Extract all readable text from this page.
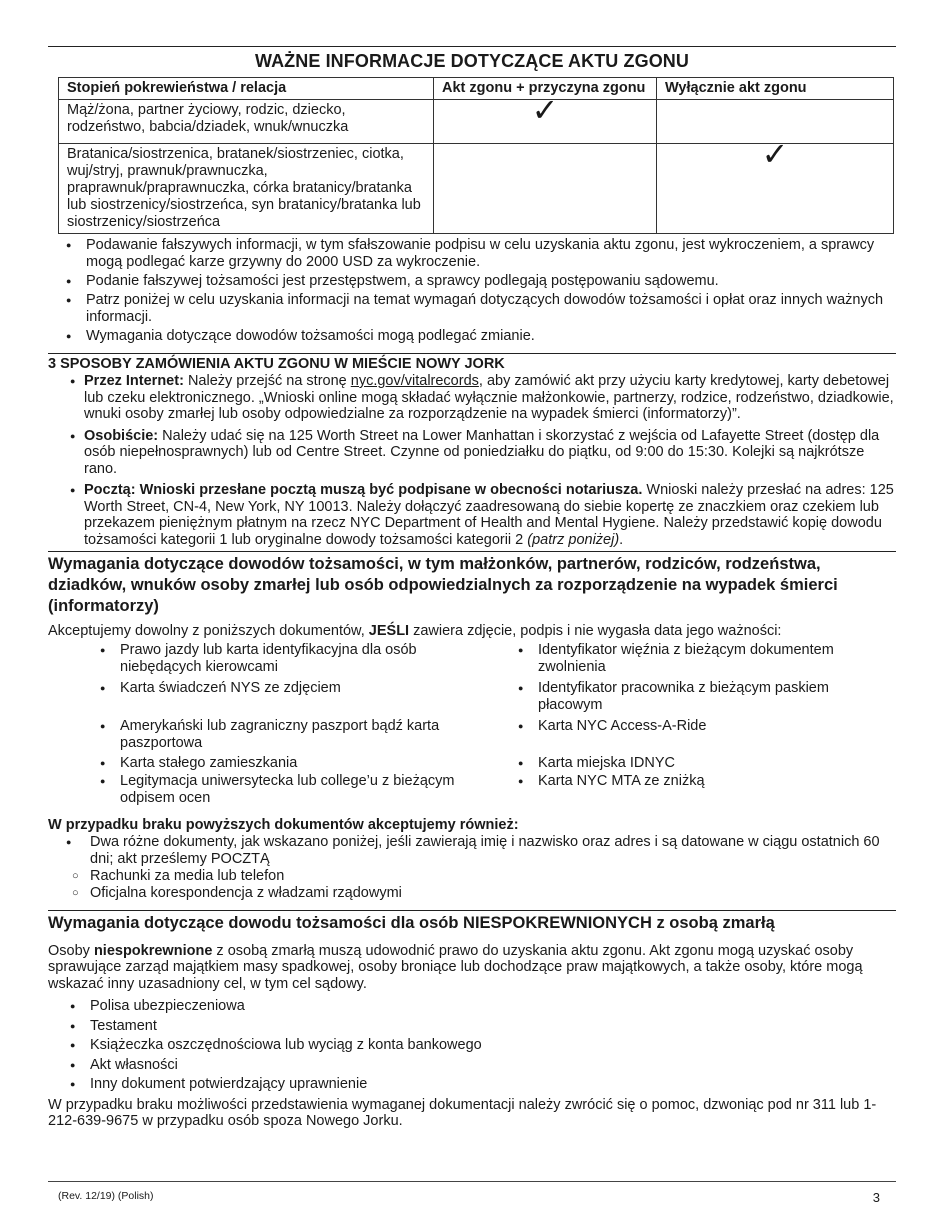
WAŻNE INFORMACJE DOTYCZĄCE AKTU ZGONU
Stopień pokrewieństwa / relacja	Akt zgonu + przyczyna zgonu	Wyłącznie akt zgonu
Mąż/żona, partner życiowy, rodzic, dziecko, rodzeństwo, babcia/dziadek, wnuk/wnuczka	✓	
Bratanica/siostrzenica, bratanek/siostrzeniec, ciotka, wuj/stryj, prawnuk/prawnuczka, praprawnuk/praprawnuczka, córka bratanicy/bratanka lub siostrzenicy/siostrzeńca, syn bratanicy/bratanka lub siostrzenicy/siostrzeńca		✓
● Podawanie fałszywych informacji, w tym sfałszowanie podpisu w celu uzyskania aktu zgonu, jest wykroczeniem, a sprawcy mogą podlegać karze grzywny do 2000 USD za wykroczenie.
● Podanie fałszywej tożsamości jest przestępstwem, a sprawcy podlegają postępowaniu sądowemu.
● Patrz poniżej w celu uzyskania informacji na temat wymagań dotyczących dowodów tożsamości i opłat oraz innych ważnych informacji.
● Wymagania dotyczące dowodów tożsamości mogą podlegać zmianie.

3 SPOSOBY ZAMÓWIENIA AKTU ZGONU W MIEŚCIE NOWY JORK

● Przez Internet: Należy przejść na stronę nyc.gov/vitalrecords, aby zamówić akt przy użyciu karty kredytowej, karty debetowej lub czeku elektronicznego. „Wnioski online mogą składać wyłącznie małżonkowie, partnerzy, rodzice, rodzeństwo, dziadkowie, wnuki osoby zmarłej lub osoby odpowiedzialne za rozporządzenie na wypadek śmierci (informatorzy)”.
● Osobiście: Należy udać się na 125 Worth Street na Lower Manhattan i skorzystać z wejścia od Lafayette Street (dostęp dla osób niepełnosprawnych) lub od Centre Street. Czynne od poniedziałku do piątku, od 9:00 do 15:30. Kolejki są najkrótsze rano.
● Pocztą: Wnioski przesłane pocztą muszą być podpisane w obecności notariusza. Wnioski należy przesłać na adres: 125 Worth Street, CN-4, New York, NY 10013. Należy dołączyć zaadresowaną do siebie kopertę ze znaczkiem oraz czekiem lub przekazem pieniężnym płatnym na rzecz NYC Department of Health and Mental Hygiene. Należy przedstawić kopię dowodu tożsamości kategorii 1 lub oryginalne dowody tożsamości kategorii 2 (patrz poniżej).

Wymagania dotyczące dowodów tożsamości, w tym małżonków, partnerów, rodziców, rodzeństwa, dziadków, wnuków osoby zmarłej lub osób odpowiedzialnych za rozporządzenie na wypadek śmierci (informatorzy)

Akceptujemy dowolny z poniższych dokumentów, JEŚLI zawiera zdjęcie, podpis i nie wygasła data jego ważności:

● Prawo jazdy lub karta identyfikacyjna dla osób niebędących kierowcami
● Karta świadczeń NYS ze zdjęciem
● Amerykański lub zagraniczny paszport bądź karta paszportowa
● Karta stałego zamieszkania
● Legitymacja uniwersytecka lub college’u z bieżącym odpisem ocen
● Identyfikator więźnia z bieżącym dokumentem zwolnienia
● Identyfikator pracownika z bieżącym paskiem płacowym
● Karta NYC Access-A-Ride
● Karta miejska IDNYC
● Karta NYC MTA ze zniżką

W przypadku braku powyższych dokumentów akceptujemy również:

● Dwa różne dokumenty, jak wskazano poniżej, jeśli zawierają imię i nazwisko oraz adres i są datowane w ciągu ostatnich 60 dni; akt prześlemy POCZTĄ
○ Rachunki za media lub telefon
○ Oficjalna korespondencja z władzami rządowymi

Wymagania dotyczące dowodu tożsamości dla osób NIESPOKREWNIONYCH z osobą zmarłą

Osoby niespokrewnione z osobą zmarłą muszą udowodnić prawo do uzyskania aktu zgonu. Akt zgonu mogą uzyskać osoby sprawujące zarząd majątkiem masy spadkowej, osoby broniące lub dochodzące praw majątkowych, a także osoby, które mogą wskazać inny uzasadniony cel, w tym cel sądowy.

● Polisa ubezpieczeniowa
● Testament
● Książeczka oszczędnościowa lub wyciąg z konta bankowego
● Akt własności
● Inny dokument potwierdzający uprawnienie

W przypadku braku możliwości przedstawienia wymaganej dokumentacji należy zwrócić się o pomoc, dzwoniąc pod nr 311 lub 1-212-639-9675 w przypadku osób spoza Nowego Jorku.

(Rev. 12/19) (Polish)	3
